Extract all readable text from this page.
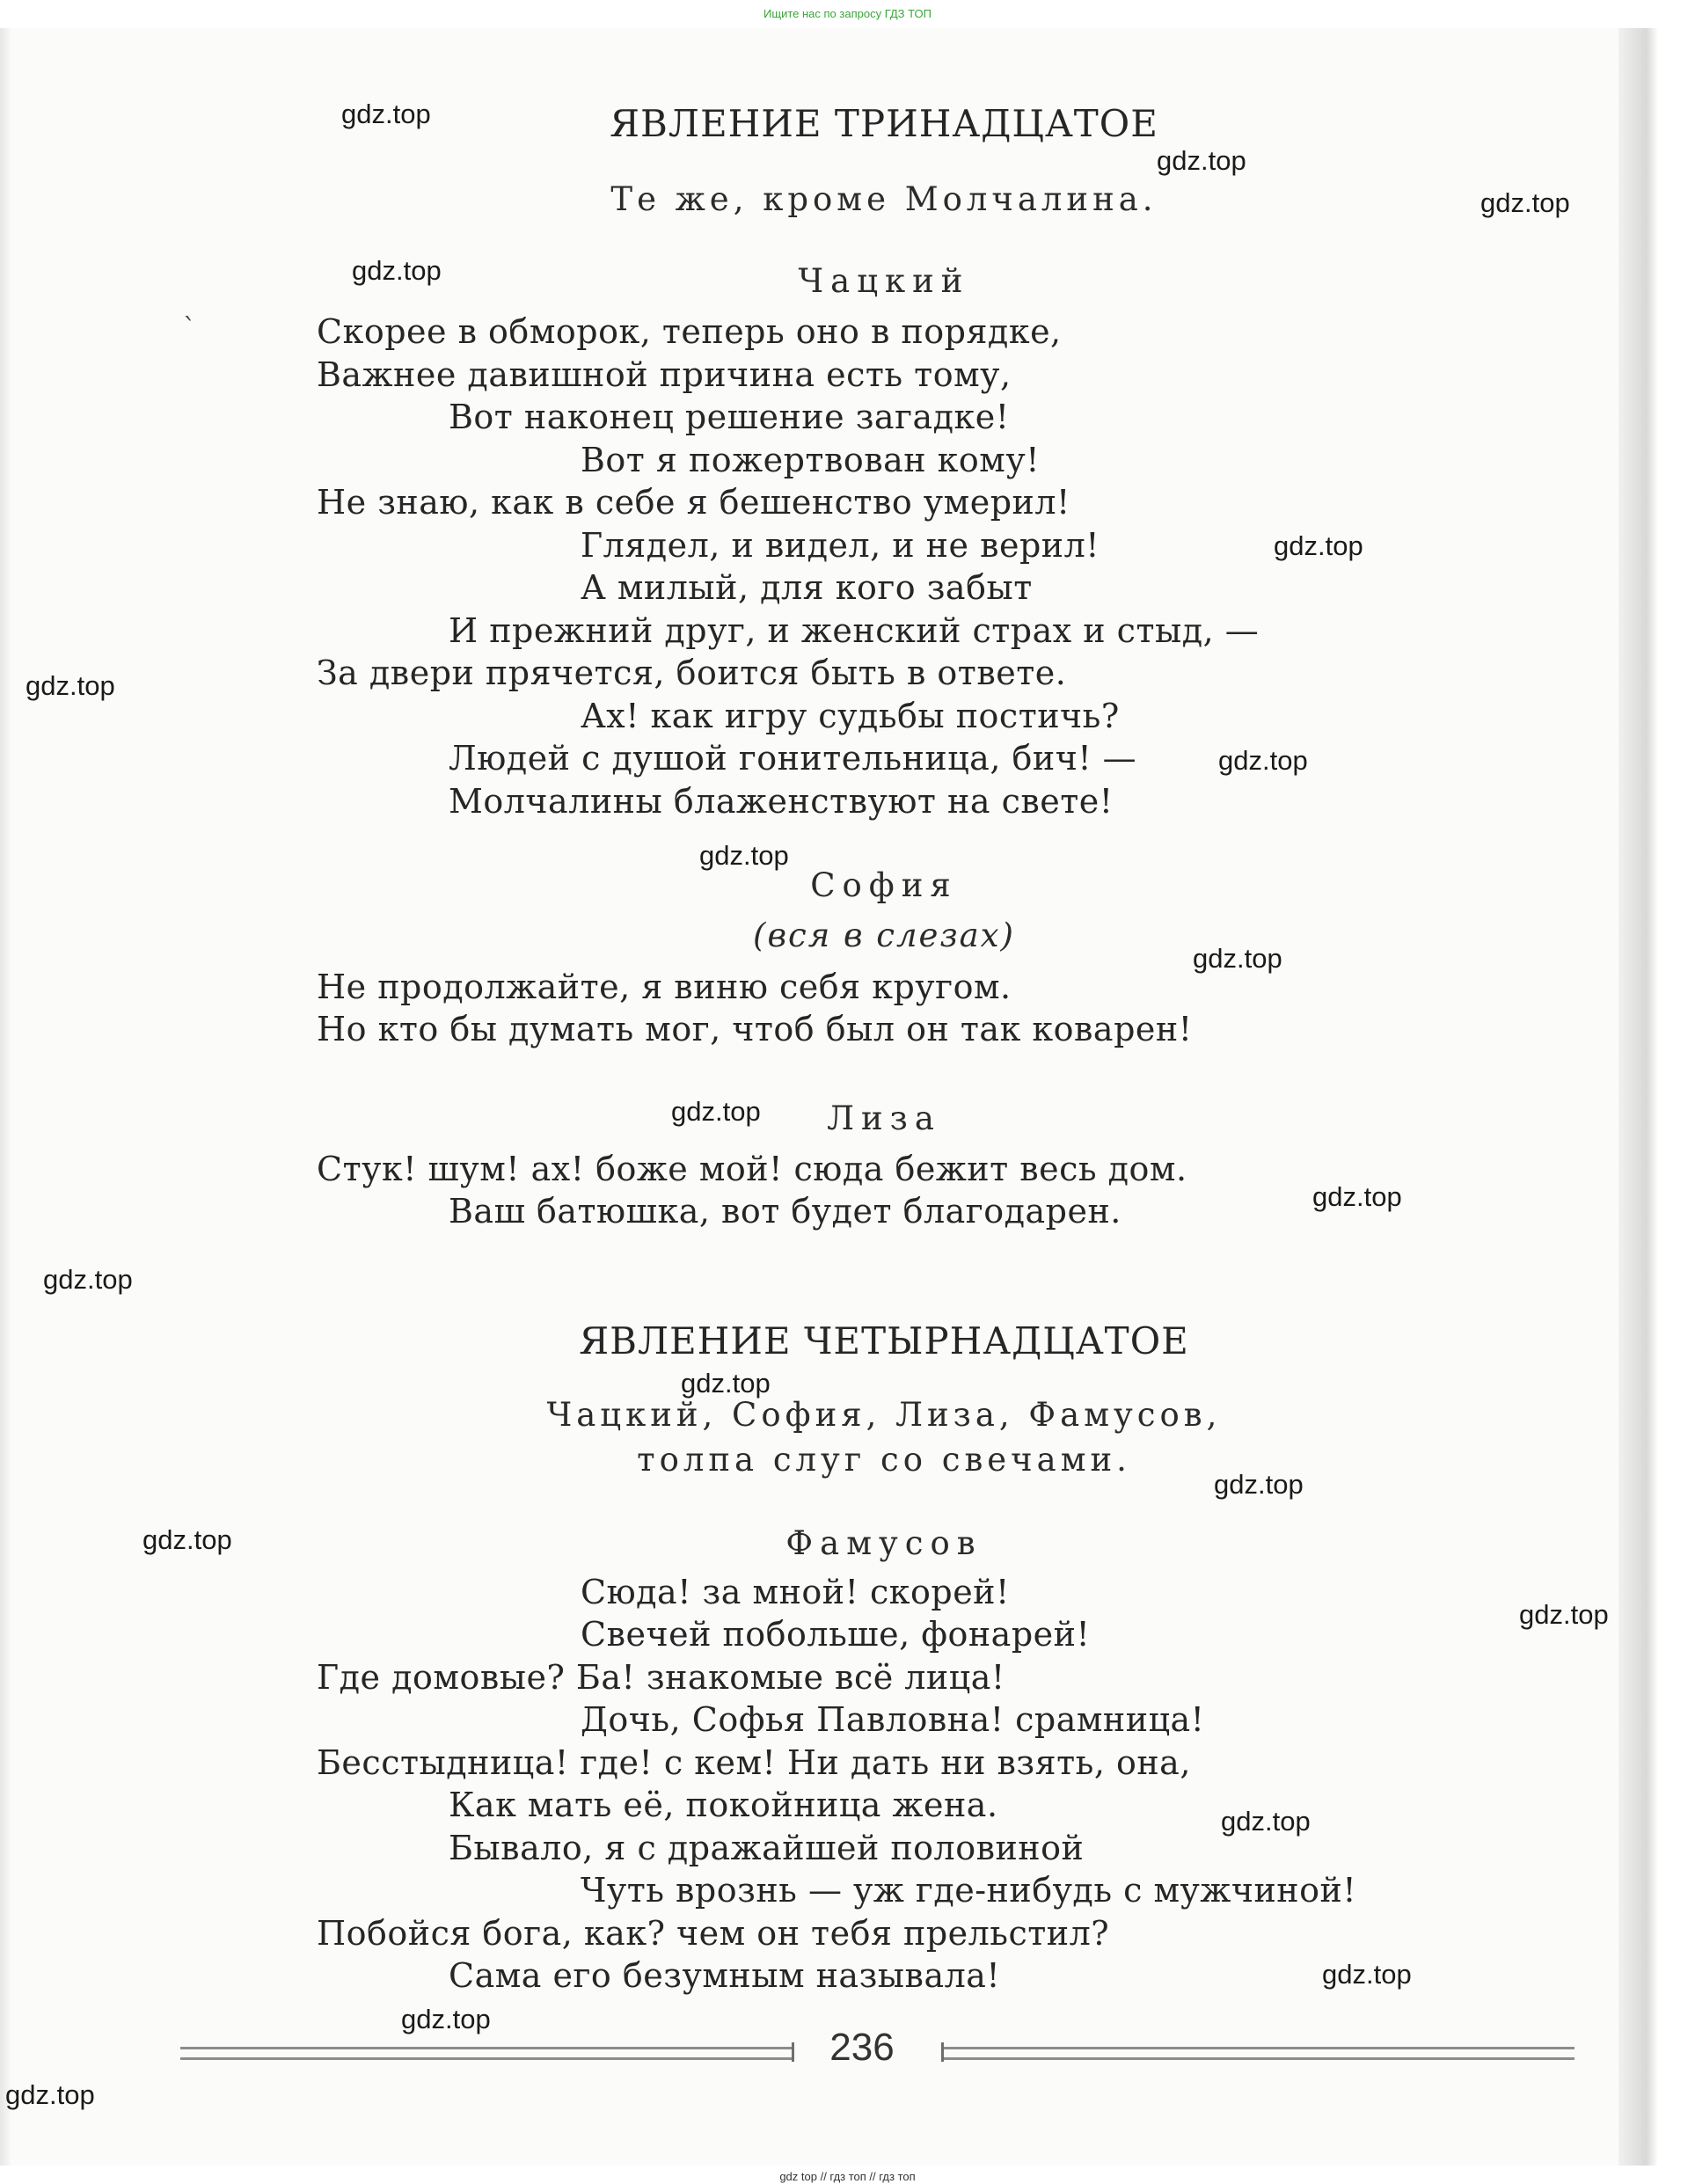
Ищите нас по запросу ГДЗ ТОП
gdz.top
gdz.top
gdz.top
gdz.top
gdz.top
gdz.top
gdz.top
gdz.top
gdz.top
gdz.top
gdz.top
gdz.top
gdz.top
gdz.top
gdz.top
gdz.top
gdz.top
gdz.top
gdz.top
gdz.top
`
ЯВЛЕНИЕ ТРИНАДЦАТОЕ
Те же, кроме Молчалина.
Чацкий
Скорее в обморок, теперь оно в порядке,
Важнее давишной причина есть тому,
Вот наконец решение загадке!
Вот я пожертвован кому!
Не знаю, как в себе я бешенство умерил!
Глядел, и видел, и не верил!
А милый, для кого забыт
И прежний друг, и женский страх и стыд, —
За двери прячется, боится быть в ответе.
Ах! как игру судьбы постичь?
Людей с душой гонительница, бич! —
Молчалины блаженствуют на свете!
София
(вся в слезах)
Не продолжайте, я виню себя кругом.
Но кто бы думать мог, чтоб был он так коварен!
Лиза
Стук! шум! ах! боже мой! сюда бежит весь дом.
Ваш батюшка, вот будет благодарен.
ЯВЛЕНИЕ ЧЕТЫРНАДЦАТОЕ
Чацкий, София, Лиза, Фамусов,
толпа слуг со свечами.
Фамусов
Сюда! за мной! скорей!
Свечей побольше, фонарей!
Где домовые? Ба! знакомые всё лица!
Дочь, Софья Павловна! срамница!
Бесстыдница! где! с кем! Ни дать ни взять, она,
Как мать её, покойница жена.
Бывало, я с дражайшей половиной
Чуть врознь — уж где-нибудь с мужчиной!
Побойся бога, как? чем он тебя прельстил?
Сама его безумным называла!
236
gdz top // гдз топ // гдз топ
